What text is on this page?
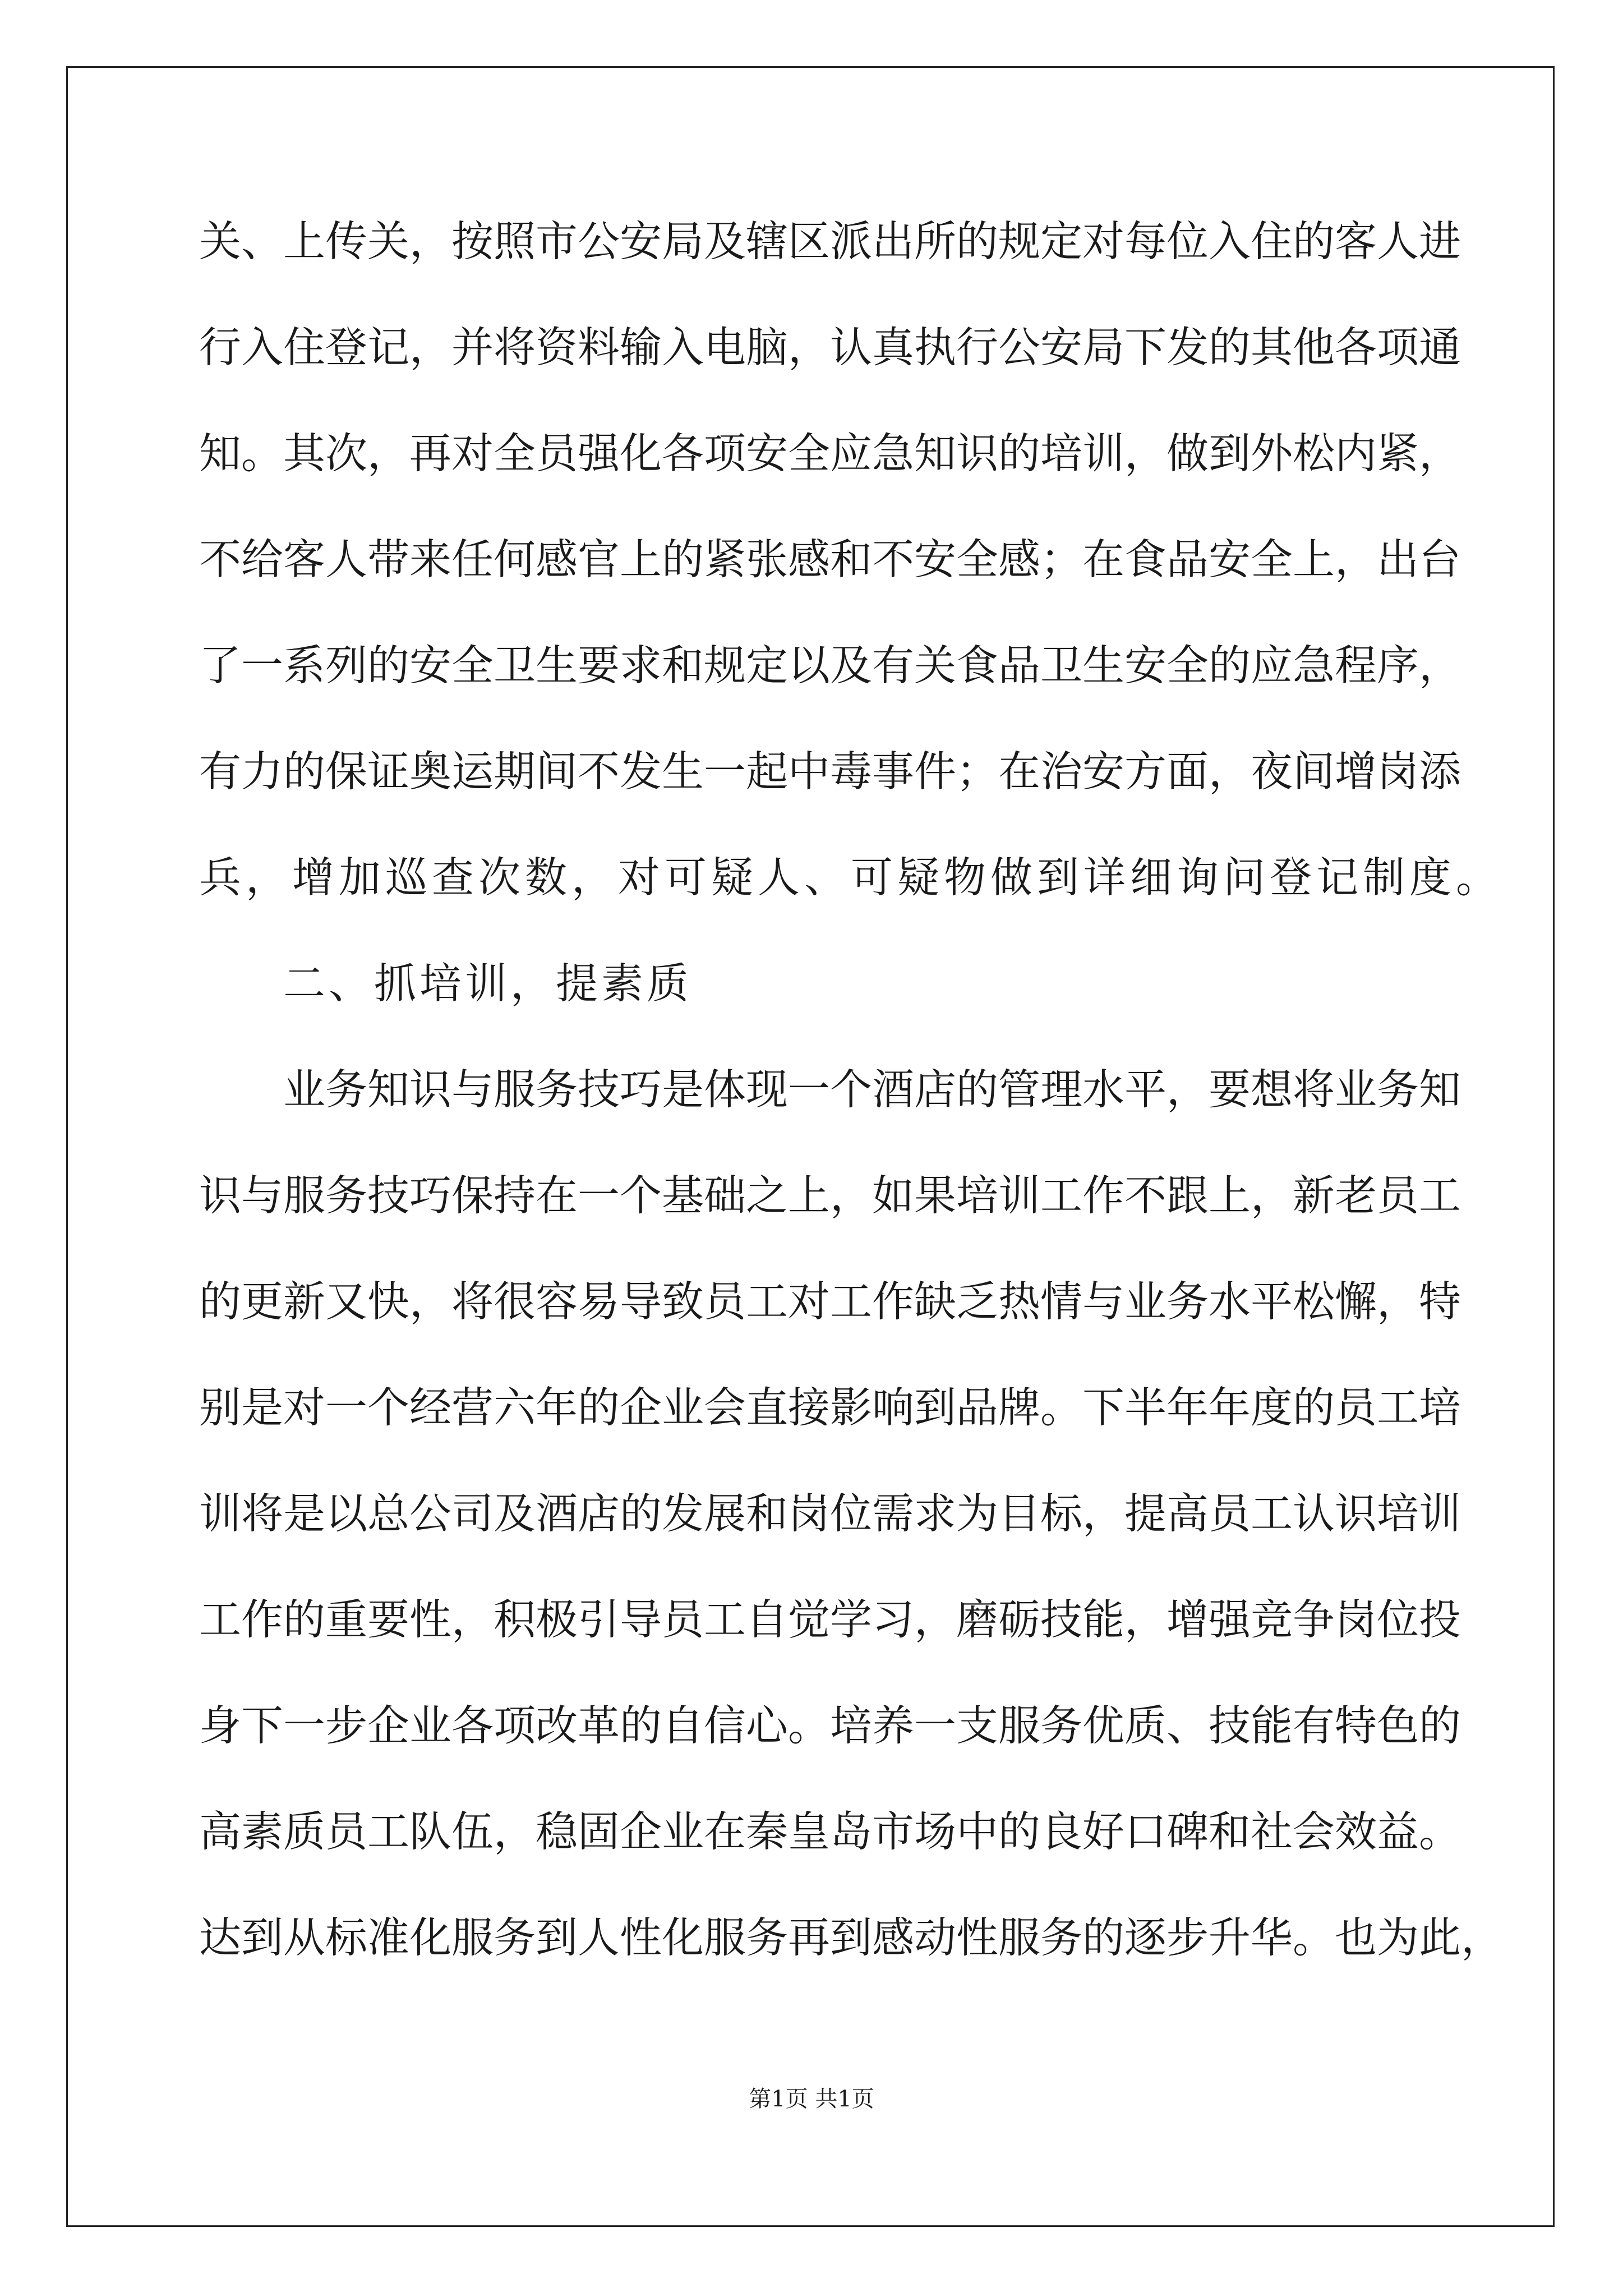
关、上传关，按照市公安局及辖区派出所的规定对每位入住的客人进
行入住登记，并将资料输入电脑，认真执行公安局下发的其他各项通
知。其次，再对全员强化各项安全应急知识的培训，做到外松内紧，
不给客人带来任何感官上的紧张感和不安全感；在食品安全上，出台
了一系列的安全卫生要求和规定以及有关食品卫生安全的应急程序，
有力的保证奥运期间不发生一起中毒事件；在治安方面，夜间增岗添
兵，增加巡查次数，对可疑人、可疑物做到详细询问登记制度。
二、抓培训，提素质
业务知识与服务技巧是体现一个酒店的管理水平，要想将业务知
识与服务技巧保持在一个基础之上，如果培训工作不跟上，新老员工
的更新又快，将很容易导致员工对工作缺乏热情与业务水平松懈，特
别是对一个经营六年的企业会直接影响到品牌。下半年年度的员工培
训将是以总公司及酒店的发展和岗位需求为目标，提高员工认识培训
工作的重要性，积极引导员工自觉学习，磨砺技能，增强竞争岗位投
身下一步企业各项改革的自信心。培养一支服务优质、技能有特色的
高素质员工队伍，稳固企业在秦皇岛市场中的良好口碑和社会效益。
达到从标准化服务到人性化服务再到感动性服务的逐步升华。也为此，
第1页 共1页
